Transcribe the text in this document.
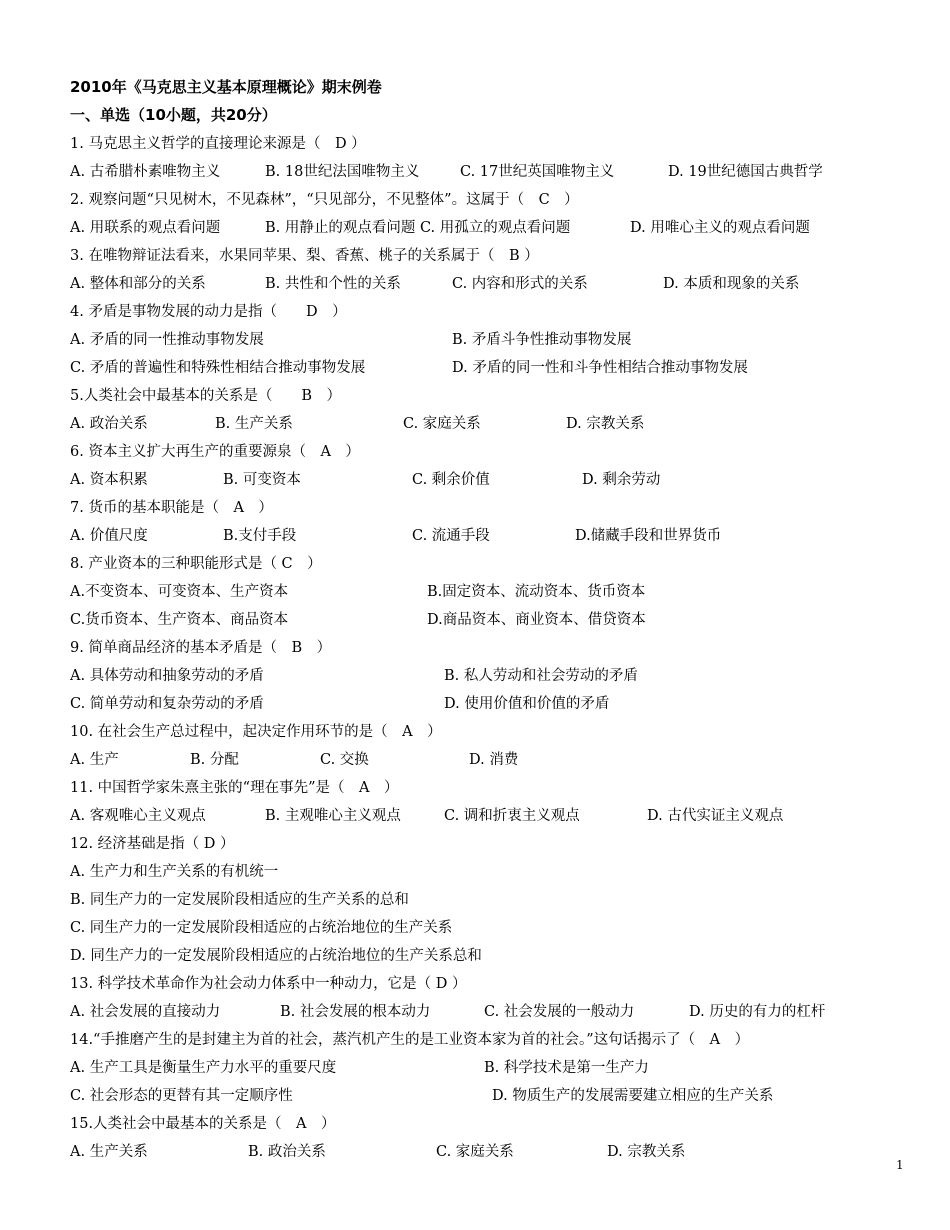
2010年《马克思主义基本原理概论》期末例卷
一、单选（10小题，共20分）
1. 马克思主义哲学的直接理论来源是（　D ）
A. 古希腊朴素唯物主义	B. 18世纪法国唯物主义	C. 17世纪英国唯物主义	D. 19世纪德国古典哲学
2. 观察问题“只见树木，不见森林”，“只见部分，不见整体”。这属于（　C　）
A. 用联系的观点看问题	B. 用静止的观点看问题 C. 用孤立的观点看问题	D. 用唯心主义的观点看问题
3. 在唯物辩证法看来，水果同苹果、梨、香蕉、桃子的关系属于（　B ）
A. 整体和部分的关系	B. 共性和个性的关系	C. 内容和形式的关系	D. 本质和现象的关系
4. 矛盾是事物发展的动力是指（　　D　）
A. 矛盾的同一性推动事物发展	B. 矛盾斗争性推动事物发展
C. 矛盾的普遍性和特殊性相结合推动事物发展	D. 矛盾的同一性和斗争性相结合推动事物发展
5.人类社会中最基本的关系是（　　B　）
A. 政治关系	B. 生产关系	C. 家庭关系	D. 宗教关系
6. 资本主义扩大再生产的重要源泉（　A　）
A. 资本积累	B. 可变资本	C. 剩余价值	D. 剩余劳动
7. 货币的基本职能是（　A　）
A. 价值尺度	B.支付手段	C. 流通手段	D.储藏手段和世界货币
8. 产业资本的三种职能形式是（ C　）
A.不变资本、可变资本、生产资本	B.固定资本、流动资本、货币资本
C.货币资本、生产资本、商品资本	D.商品资本、商业资本、借贷资本
9. 简单商品经济的基本矛盾是（　B　）
A. 具体劳动和抽象劳动的矛盾	B. 私人劳动和社会劳动的矛盾
C. 简单劳动和复杂劳动的矛盾	D. 使用价值和价值的矛盾
10. 在社会生产总过程中，起决定作用环节的是（　A　）
A. 生产	B. 分配	C. 交换	D. 消费
11. 中国哲学家朱熹主张的“理在事先”是（　A　）
A. 客观唯心主义观点	B. 主观唯心主义观点	C. 调和折衷主义观点	D. 古代实证主义观点
12. 经济基础是指（ D ）
A. 生产力和生产关系的有机统一
B. 同生产力的一定发展阶段相适应的生产关系的总和
C. 同生产力的一定发展阶段相适应的占统治地位的生产关系
D. 同生产力的一定发展阶段相适应的占统治地位的生产关系总和
13. 科学技术革命作为社会动力体系中一种动力，它是（ D ）
A. 社会发展的直接动力	B. 社会发展的根本动力	C. 社会发展的一般动力	D. 历史的有力的杠杆
14.“手推磨产生的是封建主为首的社会，蒸汽机产生的是工业资本家为首的社会。”这句话揭示了（　A　）
A. 生产工具是衡量生产力水平的重要尺度	B. 科学技术是第一生产力
C. 社会形态的更替有其一定顺序性	D. 物质生产的发展需要建立相应的生产关系
15.人类社会中最基本的关系是（　A　）
A. 生产关系	B. 政治关系	C. 家庭关系	D. 宗教关系
1
